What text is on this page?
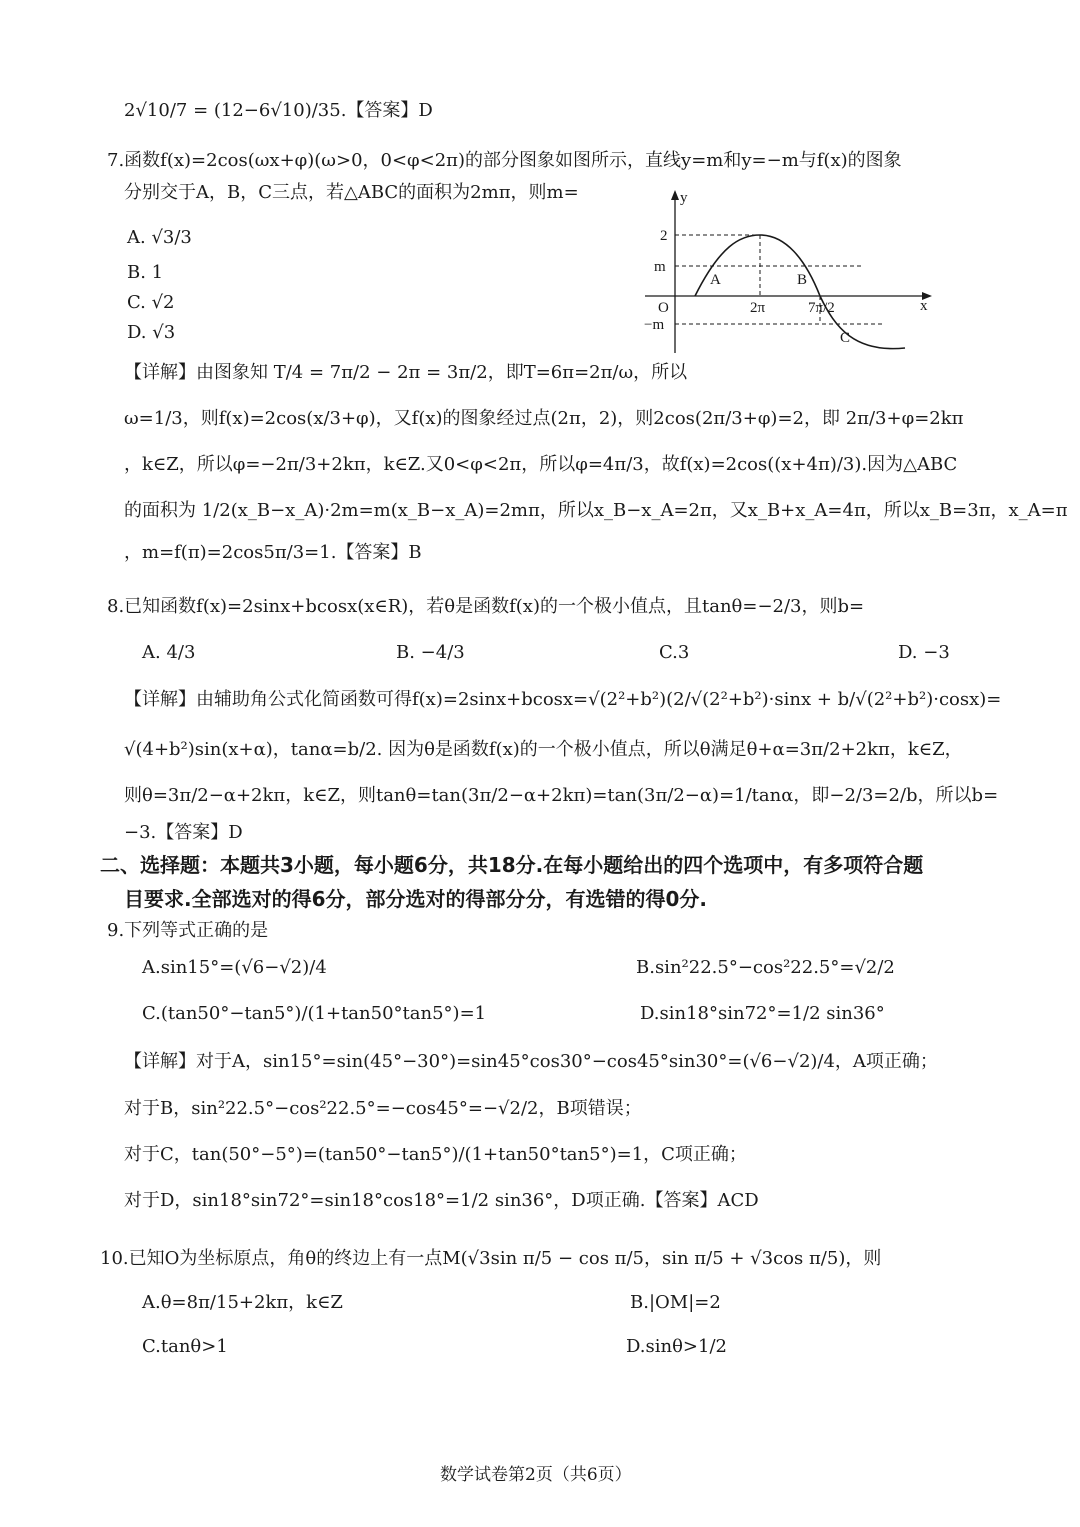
2√10/7 = (12−6√10)/35.【答案】D
7.函数f(x)=2cos(ωx+φ)(ω>0，0<φ<2π)的部分图象如图所示，直线y=m和y=−m与f(x)的图象
分别交于A，B，C三点，若△ABC的面积为2mπ，则m=
A. √3/3
B. 1
C. √2
D. √3
y
x
O
2
m
−m
2π	7π/2
A	B
C
【详解】由图象知 T/4 = 7π/2 − 2π = 3π/2，即T=6π=2π/ω，所以
ω=1/3，则f(x)=2cos(x/3+φ)，又f(x)的图象经过点(2π，2)，则2cos(2π/3+φ)=2，即 2π/3+φ=2kπ
，k∈Z，所以φ=−2π/3+2kπ，k∈Z.又0<φ<2π，所以φ=4π/3，故f(x)=2cos((x+4π)/3).因为△ABC
的面积为 1/2(x_B−x_A)·2m=m(x_B−x_A)=2mπ，所以x_B−x_A=2π，又x_B+x_A=4π，所以x_B=3π，x_A=π
，m=f(π)=2cos5π/3=1.【答案】B
8.已知函数f(x)=2sinx+bcosx(x∈R)，若θ是函数f(x)的一个极小值点，且tanθ=−2/3，则b=
A. 4/3	B. −4/3	C.3	D. −3
【详解】由辅助角公式化简函数可得f(x)=2sinx+bcosx=√(2²+b²)(2/√(2²+b²)·sinx + b/√(2²+b²)·cosx)=
√(4+b²)sin(x+α)，tanα=b/2. 因为θ是函数f(x)的一个极小值点，所以θ满足θ+α=3π/2+2kπ，k∈Z，
则θ=3π/2−α+2kπ，k∈Z，则tanθ=tan(3π/2−α+2kπ)=tan(3π/2−α)=1/tanα，即−2/3=2/b，所以b=
−3.【答案】D
二、选择题：本题共3小题，每小题6分，共18分.在每小题给出的四个选项中，有多项符合题
目要求.全部选对的得6分，部分选对的得部分分，有选错的得0分.
9.下列等式正确的是
A.sin15°=(√6−√2)/4	B.sin²22.5°−cos²22.5°=√2/2
C.(tan50°−tan5°)/(1+tan50°tan5°)=1	D.sin18°sin72°=1/2 sin36°
【详解】对于A，sin15°=sin(45°−30°)=sin45°cos30°−cos45°sin30°=(√6−√2)/4，A项正确；
对于B，sin²22.5°−cos²22.5°=−cos45°=−√2/2，B项错误；
对于C，tan(50°−5°)=(tan50°−tan5°)/(1+tan50°tan5°)=1，C项正确；
对于D，sin18°sin72°=sin18°cos18°=1/2 sin36°，D项正确.【答案】ACD
10.已知O为坐标原点，角θ的终边上有一点M(√3sin π/5 − cos π/5，sin π/5 + √3cos π/5)，则
A.θ=8π/15+2kπ，k∈Z	B.|OM|=2
C.tanθ>1	D.sinθ>1/2
数学试卷第2页（共6页）
